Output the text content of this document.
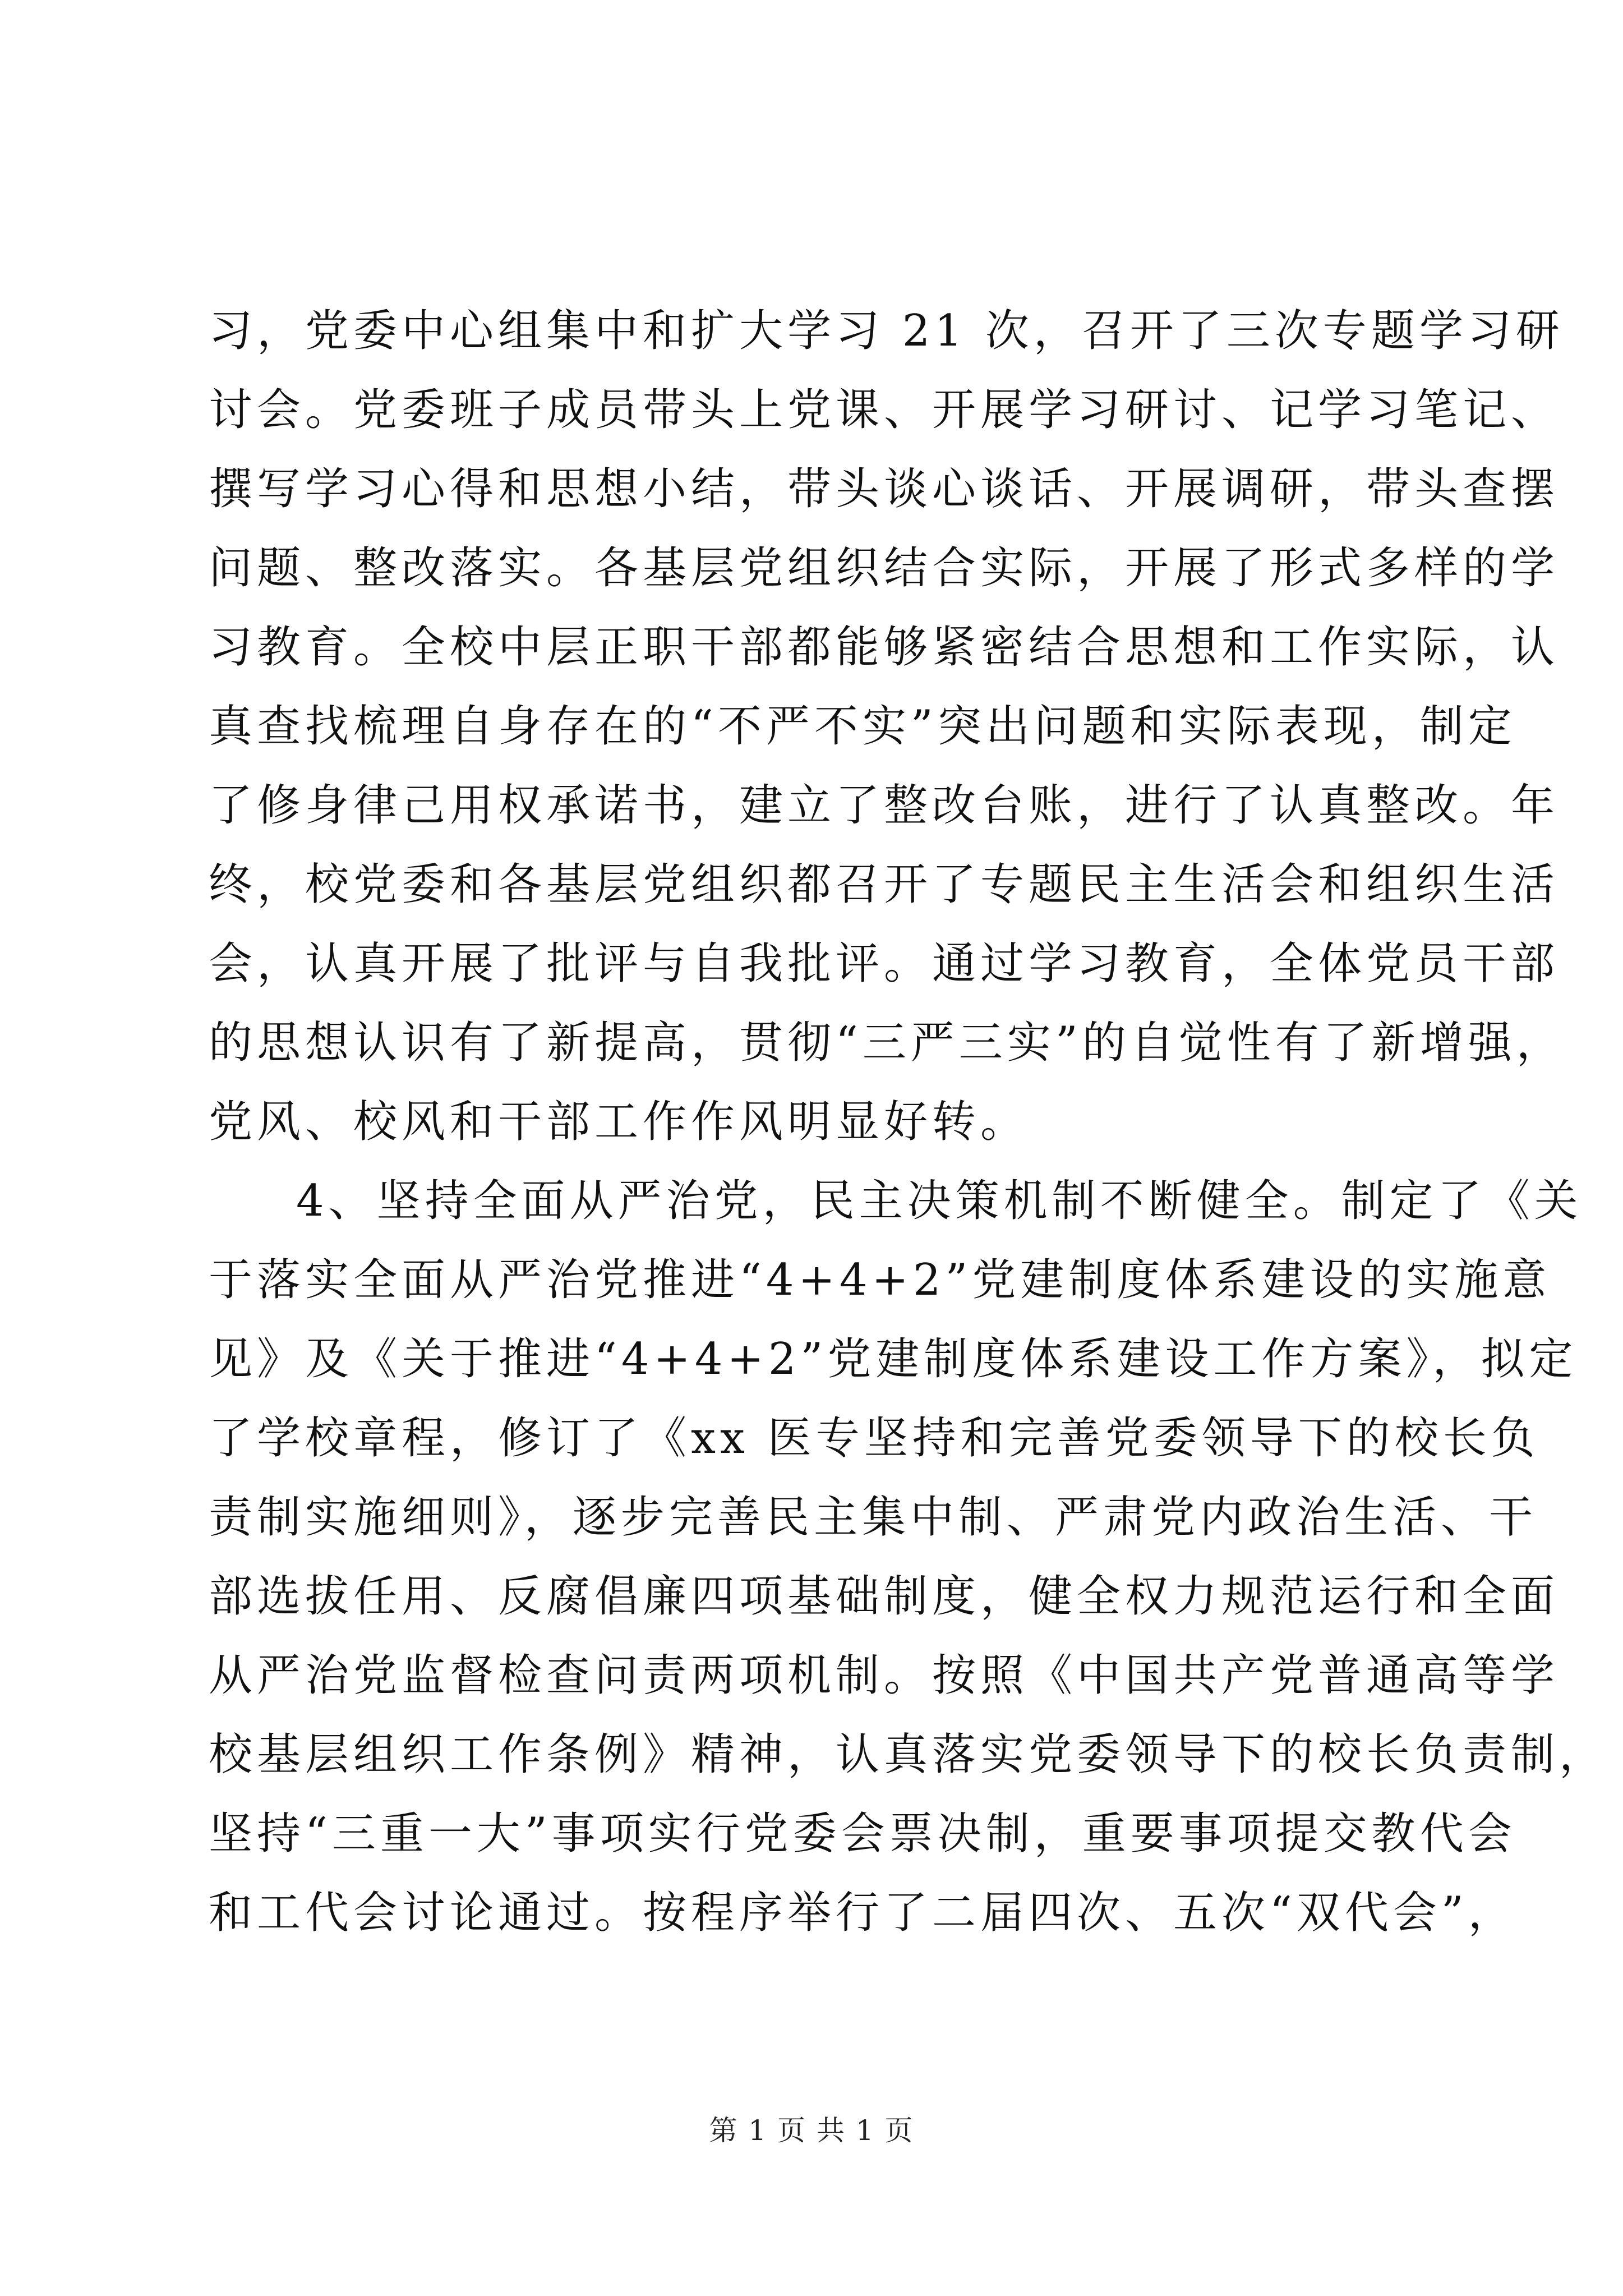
习，党委中心组集中和扩大学习 21 次，召开了三次专题学习研
讨会。党委班子成员带头上党课、开展学习研讨、记学习笔记、
撰写学习心得和思想小结，带头谈心谈话、开展调研，带头查摆
问题、整改落实。各基层党组织结合实际，开展了形式多样的学
习教育。全校中层正职干部都能够紧密结合思想和工作实际，认
真查找梳理自身存在的“不严不实”突出问题和实际表现，制定
了修身律己用权承诺书，建立了整改台账，进行了认真整改。年
终，校党委和各基层党组织都召开了专题民主生活会和组织生活
会，认真开展了批评与自我批评。通过学习教育，全体党员干部
的思想认识有了新提高，贯彻“三严三实”的自觉性有了新增强，
党风、校风和干部工作作风明显好转。
4、坚持全面从严治党，民主决策机制不断健全。制定了《关
于落实全面从严治党推进“4+4+2”党建制度体系建设的实施意
见》及《关于推进“4+4+2”党建制度体系建设工作方案》，拟定
了学校章程，修订了《xx 医专坚持和完善党委领导下的校长负
责制实施细则》，逐步完善民主集中制、严肃党内政治生活、干
部选拔任用、反腐倡廉四项基础制度，健全权力规范运行和全面
从严治党监督检查问责两项机制。按照《中国共产党普通高等学
校基层组织工作条例》精神，认真落实党委领导下的校长负责制，
坚持“三重一大”事项实行党委会票决制，重要事项提交教代会
和工代会讨论通过。按程序举行了二届四次、五次“双代会”，
第 1 页 共 1 页
